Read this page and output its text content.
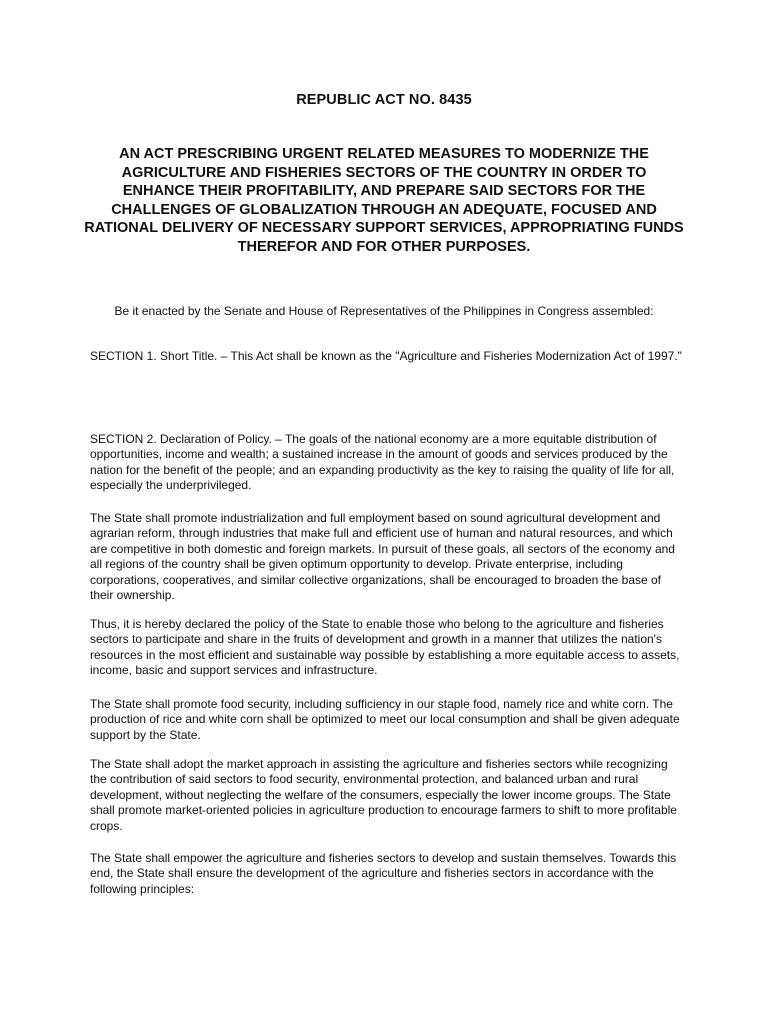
REPUBLIC ACT NO. 8435
AN ACT PRESCRIBING URGENT RELATED MEASURES TO MODERNIZE THE AGRICULTURE AND FISHERIES SECTORS OF THE COUNTRY IN ORDER TO ENHANCE THEIR PROFITABILITY, AND PREPARE SAID SECTORS FOR THE CHALLENGES OF GLOBALIZATION THROUGH AN ADEQUATE, FOCUSED AND RATIONAL DELIVERY OF NECESSARY SUPPORT SERVICES, APPROPRIATING FUNDS THEREFOR AND FOR OTHER PURPOSES.
Be it enacted by the Senate and House of Representatives of the Philippines in Congress assembled:

SECTION 1. Short Title. – This Act shall be known as the "Agriculture and Fisheries Modernization Act of 1997."

SECTION 2. Declaration of Policy. – The goals of the national economy are a more equitable distribution of opportunities, income and wealth; a sustained increase in the amount of goods and services produced by the nation for the benefit of the people; and an expanding productivity as the key to raising the quality of life for all, especially the underprivileged.

The State shall promote industrialization and full employment based on sound agricultural development and agrarian reform, through industries that make full and efficient use of human and natural resources, and which are competitive in both domestic and foreign markets. In pursuit of these goals, all sectors of the economy and all regions of the country shall be given optimum opportunity to develop. Private enterprise, including corporations, cooperatives, and similar collective organizations, shall be encouraged to broaden the base of their ownership.

Thus, it is hereby declared the policy of the State to enable those who belong to the agriculture and fisheries sectors to participate and share in the fruits of development and growth in a manner that utilizes the nation's resources in the most efficient and sustainable way possible by establishing a more equitable access to assets, income, basic and support services and infrastructure.

The State shall promote food security, including sufficiency in our staple food, namely rice and white corn. The production of rice and white corn shall be optimized to meet our local consumption and shall be given adequate support by the State.

The State shall adopt the market approach in assisting the agriculture and fisheries sectors while recognizing the contribution of said sectors to food security, environmental protection, and balanced urban and rural development, without neglecting the welfare of the consumers, especially the lower income groups. The State shall promote market-oriented policies in agriculture production to encourage farmers to shift to more profitable crops.

The State shall empower the agriculture and fisheries sectors to develop and sustain themselves. Towards this end, the State shall ensure the development of the agriculture and fisheries sectors in accordance with the following principles:
